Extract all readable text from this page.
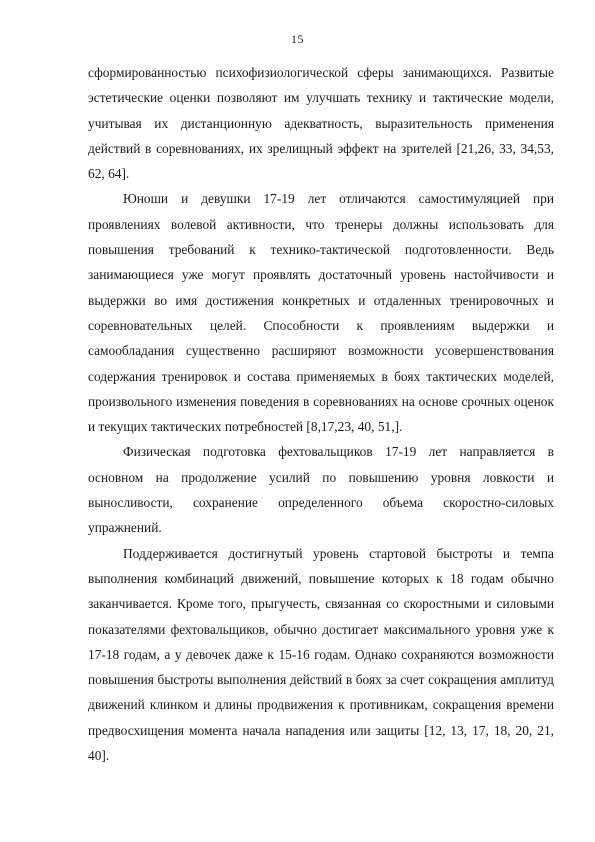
15

сформированностью психофизиологической сферы занимающихся. Развитые эстетические оценки позволяют им улучшать технику и тактические модели, учитывая их дистанционную адекватность, выразительность применения действий в соревнованиях, их зрелищный эффект на зрителей [21,26, 33, 34,53, 62, 64].

Юноши и девушки 17-19 лет отличаются самостимуляцией при проявлениях волевой активности, что тренеры должны использовать для повышения требований к технико-тактической подготовленности. Ведь занимающиеся уже могут проявлять достаточный уровень настойчивости и выдержки во имя достижения конкретных и отдаленных тренировочных и соревновательных целей. Способности к проявлениям выдержки и самообладания существенно расширяют возможности усовершенствования содержания тренировок и состава применяемых в боях тактических моделей, произвольного изменения поведения в соревнованиях на основе срочных оценок и текущих тактических потребностей [8,17,23, 40, 51,].

Физическая подготовка фехтовальщиков 17-19 лет направляется в основном на продолжение усилий по повышению уровня ловкости и выносливости, сохранение определенного объема скоростно-силовых упражнений.

Поддерживается достигнутый уровень стартовой быстроты и темпа выполнения комбинаций движений, повышение которых к 18 годам обычно заканчивается. Кроме того, прыгучесть, связанная со скоростными и силовыми показателями фехтовальщиков, обычно достигает максимального уровня уже к 17-18 годам, а у девочек даже к 15-16 годам. Однако сохраняются возможности повышения быстроты выполнения действий в боях за счет сокращения амплитуд движений клинком и длины продвижения к противникам, сокращения времени предвосхищения момента начала нападения или защиты [12, 13, 17, 18, 20, 21, 40].
